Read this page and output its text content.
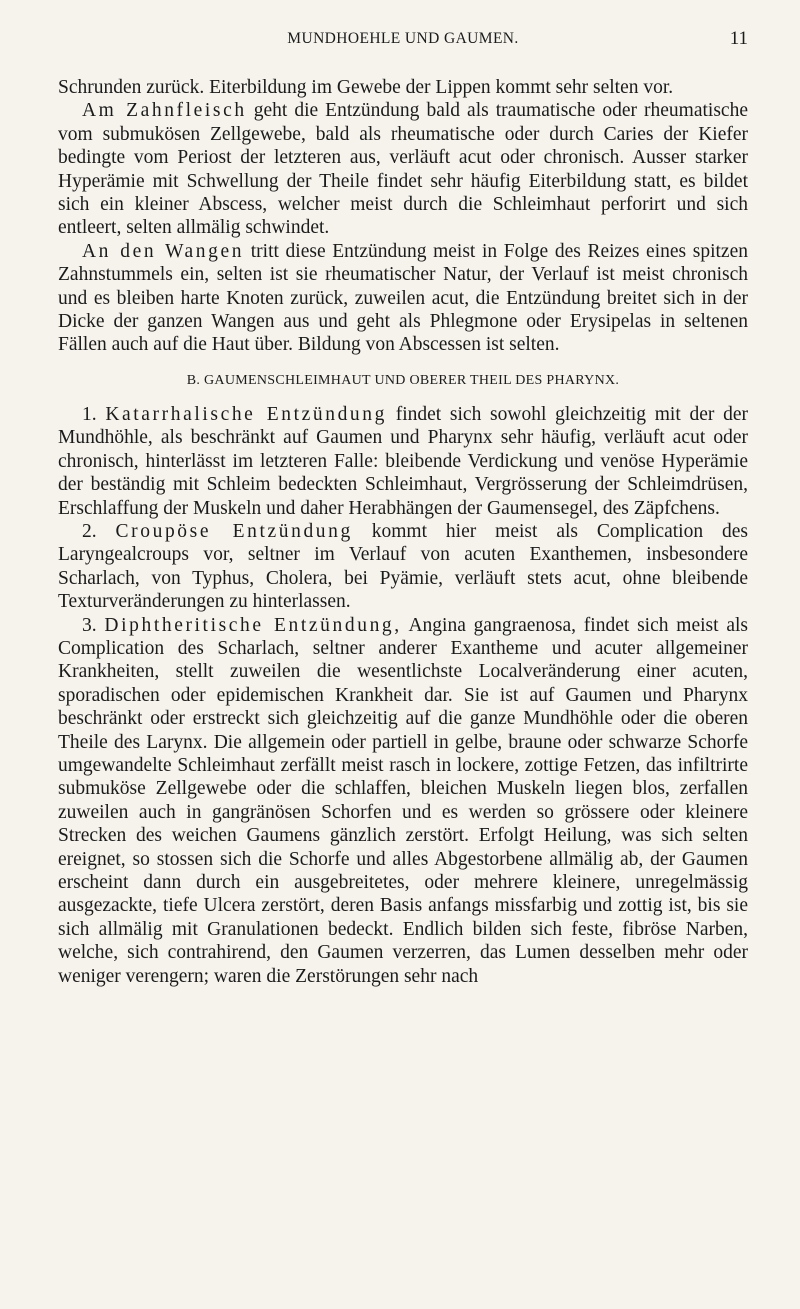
MUNDHOEHLE UND GAUMEN.	11

Schrunden zurück. Eiterbildung im Gewebe der Lippen kommt sehr selten vor.

Am Zahnfleisch geht die Entzündung bald als traumatische oder rheumatische vom submukösen Zellgewebe, bald als rheumatische oder durch Caries der Kiefer bedingte vom Periost der letzteren aus, verläuft acut oder chronisch. Ausser starker Hyperämie mit Schwellung der Theile findet sehr häufig Eiterbildung statt, es bildet sich ein kleiner Abscess, welcher meist durch die Schleimhaut perforirt und sich entleert, selten allmälig schwindet.

An den Wangen tritt diese Entzündung meist in Folge des Reizes eines spitzen Zahnstummels ein, selten ist sie rheumatischer Natur, der Verlauf ist meist chronisch und es bleiben harte Knoten zurück, zuweilen acut, die Entzündung breitet sich in der Dicke der ganzen Wangen aus und geht als Phlegmone oder Erysipelas in seltenen Fällen auch auf die Haut über. Bildung von Abscessen ist selten.

B. GAUMENSCHLEIMHAUT UND OBERER THEIL DES PHARYNX.

1. Katarrhalische Entzündung findet sich sowohl gleichzeitig mit der der Mundhöhle, als beschränkt auf Gaumen und Pharynx sehr häufig, verläuft acut oder chronisch, hinterlässt im letzteren Falle: bleibende Verdickung und venöse Hyperämie der beständig mit Schleim bedeckten Schleimhaut, Vergrösserung der Schleimdrüsen, Erschlaffung der Muskeln und daher Herabhängen der Gaumensegel, des Zäpfchens.

2. Croupöse Entzündung kommt hier meist als Complication des Laryngealcroups vor, seltner im Verlauf von acuten Exanthemen, insbesondere Scharlach, von Typhus, Cholera, bei Pyämie, verläuft stets acut, ohne bleibende Texturveränderungen zu hinterlassen.

3. Diphtheritische Entzündung, Angina gangraenosa, findet sich meist als Complication des Scharlach, seltner anderer Exantheme und acuter allgemeiner Krankheiten, stellt zuweilen die wesentlichste Localveränderung einer acuten, sporadischen oder epidemischen Krankheit dar. Sie ist auf Gaumen und Pharynx beschränkt oder erstreckt sich gleichzeitig auf die ganze Mundhöhle oder die oberen Theile des Larynx. Die allgemein oder partiell in gelbe, braune oder schwarze Schorfe umgewandelte Schleimhaut zerfällt meist rasch in lockere, zottige Fetzen, das infiltrirte submuköse Zellgewebe oder die schlaffen, bleichen Muskeln liegen blos, zerfallen zuweilen auch in gangränösen Schorfen und es werden so grössere oder kleinere Strecken des weichen Gaumens gänzlich zerstört. Erfolgt Heilung, was sich selten ereignet, so stossen sich die Schorfe und alles Abgestorbene allmälig ab, der Gaumen erscheint dann durch ein ausgebreitetes, oder mehrere kleinere, unregelmässig ausgezackte, tiefe Ulcera zerstört, deren Basis anfangs missfarbig und zottig ist, bis sie sich allmälig mit Granulationen bedeckt. Endlich bilden sich feste, fibröse Narben, welche, sich contrahirend, den Gaumen verzerren, das Lumen desselben mehr oder weniger verengern; waren die Zerstörungen sehr nach
